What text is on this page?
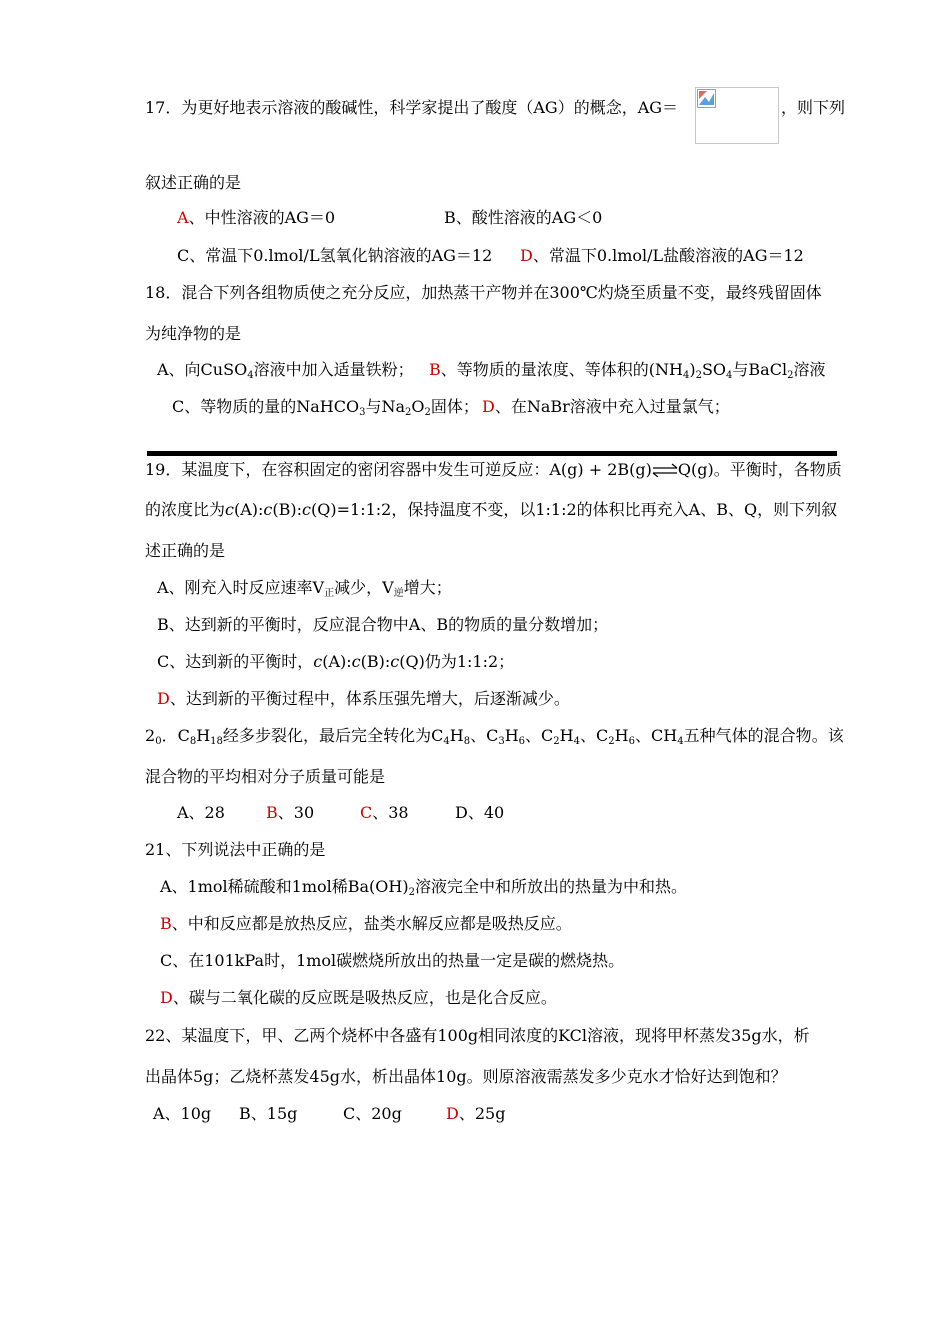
17．为更好地表示溶液的酸碱性，科学家提出了酸度（AG）的概念，AG＝	，则下列
叙述正确的是
A、中性溶液的AG＝0	B、酸性溶液的AG＜0
C、常温下0.lmol/L氢氧化钠溶液的AG＝12 D、常温下0.lmol/L盐酸溶液的AG＝12
18．混合下列各组物质使之充分反应，加热蒸干产物并在300℃灼烧至质量不变，最终残留固体
为纯净物的是
A、向CuSO$_4$溶液中加入适量铁粉； B、等物质的量浓度、等体积的$(NH_4)_2SO_4$与BaCl$_2$溶液
C、等物质的量的NaHCO$_3$与$Na_2O_2$固体； D、在NaBr溶液中充入过量氯气；
19．某温度下，在容积固定的密闭容器中发生可逆反应：A(g) + 2B(g)⇌Q(g)。平衡时，各物质
的浓度比为c(A):c(B):c(Q)=1:1:2，保持温度不变，以1:1:2的体积比再充入A、B、Q，则下列叙
述正确的是
A、刚充入时反应速率V正减少，V逆增大；
B、达到新的平衡时，反应混合物中A、B的物质的量分数增加；
C、达到新的平衡时，c(A):c(B):c(Q)仍为1:1:2；
D、达到新的平衡过程中，体系压强先增大，后逐渐减少。
$2_0$．$C_8H_{18}$经多步裂化，最后完全转化为$C_4H_8$、$C_3H_6$、$C_2H_4$、$C_2H_6$、$CH_4$五种气体的混合物。该
混合物的平均相对分子质量可能是
A、28	B、30	C、38	D、40
21、下列说法中正确的是
A、1mol稀硫酸和1mol稀$Ba(OH)_2$溶液完全中和所放出的热量为中和热。
B、中和反应都是放热反应，盐类水解反应都是吸热反应。
C、在101kPa时，1mol碳燃烧所放出的热量一定是碳的燃烧热。
D、碳与二氧化碳的反应既是吸热反应，也是化合反应。
22、某温度下，甲、乙两个烧杯中各盛有100g相同浓度的KCl溶液，现将甲杯蒸发35g水，析
出晶体5g；乙烧杯蒸发45g水，析出晶体10g。则原溶液需蒸发多少克水才恰好达到饱和？
A、10g B、15g	C、20g	D、25g
